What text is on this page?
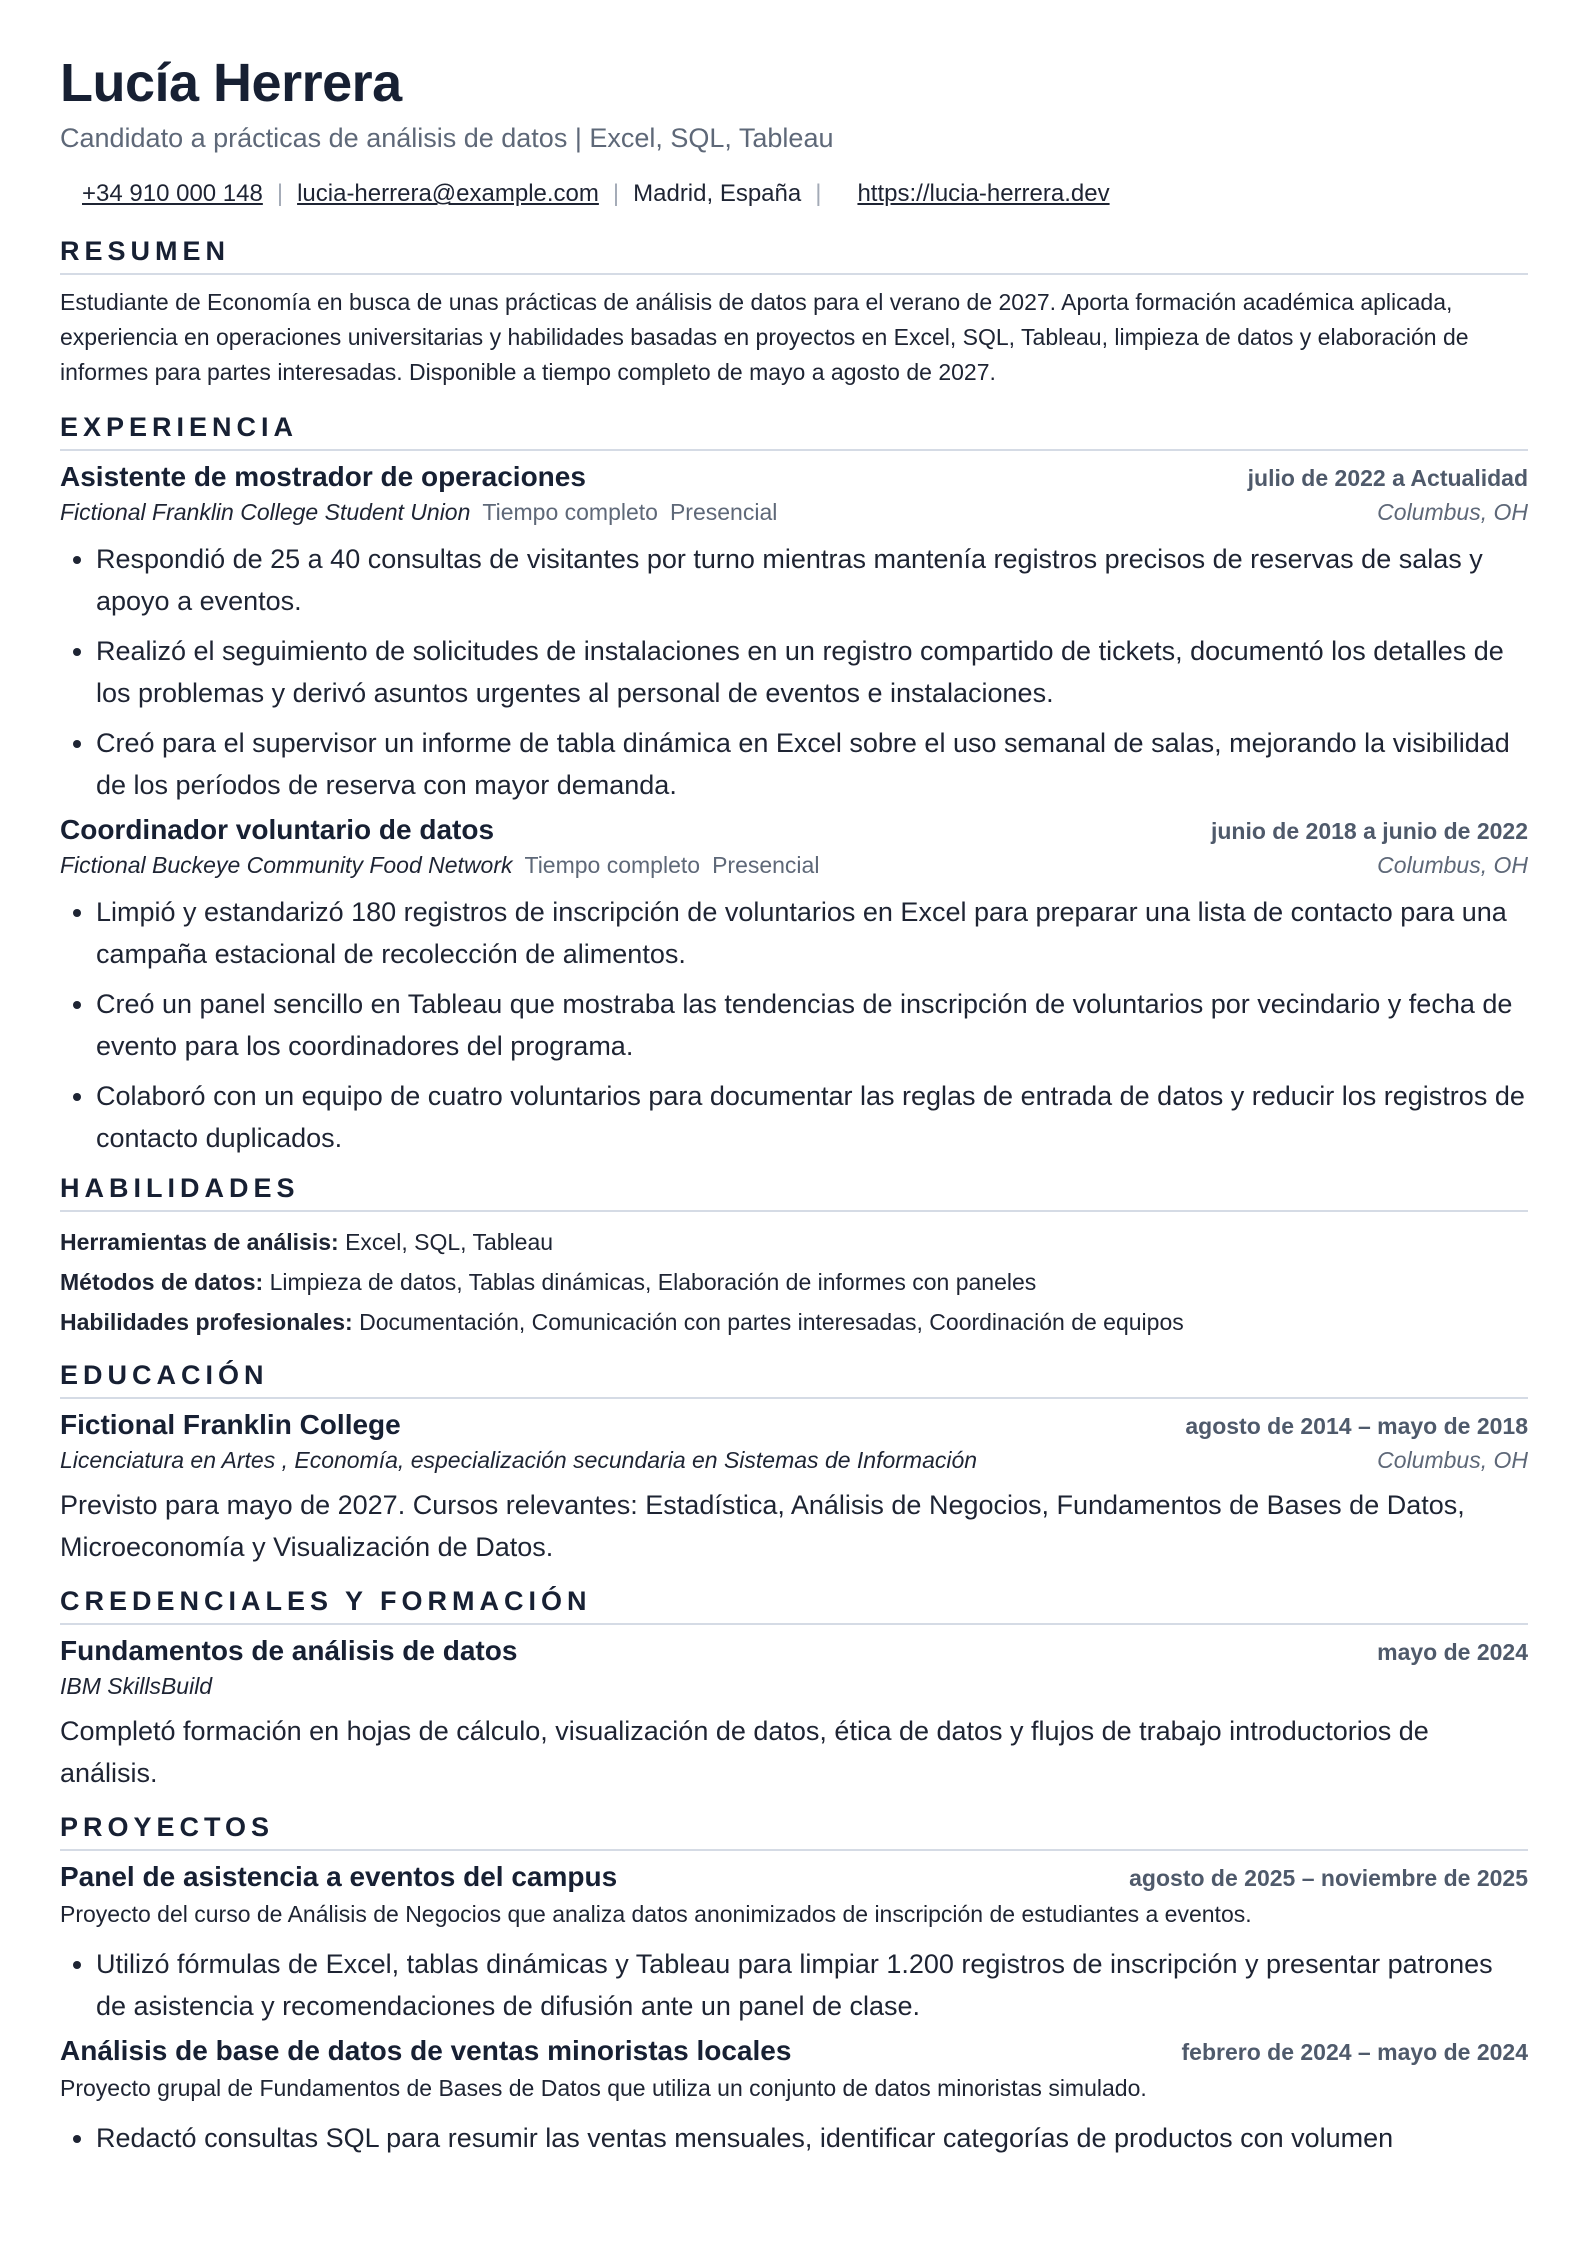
Lucía Herrera
Candidato a prácticas de análisis de datos | Excel, SQL, Tableau
+34 910 000 148 | lucia-herrera@example.com | Madrid, España | https://lucia-herrera.dev
RESUMEN
Estudiante de Economía en busca de unas prácticas de análisis de datos para el verano de 2027. Aporta formación académica aplicada, experiencia en operaciones universitarias y habilidades basadas en proyectos en Excel, SQL, Tableau, limpieza de datos y elaboración de informes para partes interesadas. Disponible a tiempo completo de mayo a agosto de 2027.
EXPERIENCIA
Asistente de mostrador de operaciones	julio de 2022 a Actualidad
Fictional Franklin College Student Union Tiempo completo Presencial	Columbus, OH
• Respondió de 25 a 40 consultas de visitantes por turno mientras mantenía registros precisos de reservas de salas y apoyo a eventos.
• Realizó el seguimiento de solicitudes de instalaciones en un registro compartido de tickets, documentó los detalles de los problemas y derivó asuntos urgentes al personal de eventos e instalaciones.
• Creó para el supervisor un informe de tabla dinámica en Excel sobre el uso semanal de salas, mejorando la visibilidad de los períodos de reserva con mayor demanda.
Coordinador voluntario de datos	junio de 2018 a junio de 2022
Fictional Buckeye Community Food Network Tiempo completo Presencial	Columbus, OH
• Limpió y estandarizó 180 registros de inscripción de voluntarios en Excel para preparar una lista de contacto para una campaña estacional de recolección de alimentos.
• Creó un panel sencillo en Tableau que mostraba las tendencias de inscripción de voluntarios por vecindario y fecha de evento para los coordinadores del programa.
• Colaboró con un equipo de cuatro voluntarios para documentar las reglas de entrada de datos y reducir los registros de contacto duplicados.
HABILIDADES
Herramientas de análisis: Excel, SQL, Tableau
Métodos de datos: Limpieza de datos, Tablas dinámicas, Elaboración de informes con paneles
Habilidades profesionales: Documentación, Comunicación con partes interesadas, Coordinación de equipos
EDUCACIÓN
Fictional Franklin College	agosto de 2014 – mayo de 2018
Licenciatura en Artes , Economía, especialización secundaria en Sistemas de Información	Columbus, OH
Previsto para mayo de 2027. Cursos relevantes: Estadística, Análisis de Negocios, Fundamentos de Bases de Datos, Microeconomía y Visualización de Datos.
CREDENCIALES Y FORMACIÓN
Fundamentos de análisis de datos	mayo de 2024
IBM SkillsBuild
Completó formación en hojas de cálculo, visualización de datos, ética de datos y flujos de trabajo introductorios de análisis.
PROYECTOS
Panel de asistencia a eventos del campus	agosto de 2025 – noviembre de 2025
Proyecto del curso de Análisis de Negocios que analiza datos anonimizados de inscripción de estudiantes a eventos.
• Utilizó fórmulas de Excel, tablas dinámicas y Tableau para limpiar 1.200 registros de inscripción y presentar patrones de asistencia y recomendaciones de difusión ante un panel de clase.
Análisis de base de datos de ventas minoristas locales	febrero de 2024 – mayo de 2024
Proyecto grupal de Fundamentos de Bases de Datos que utiliza un conjunto de datos minoristas simulado.
• Redactó consultas SQL para resumir las ventas mensuales, identificar categorías de productos con volumen
